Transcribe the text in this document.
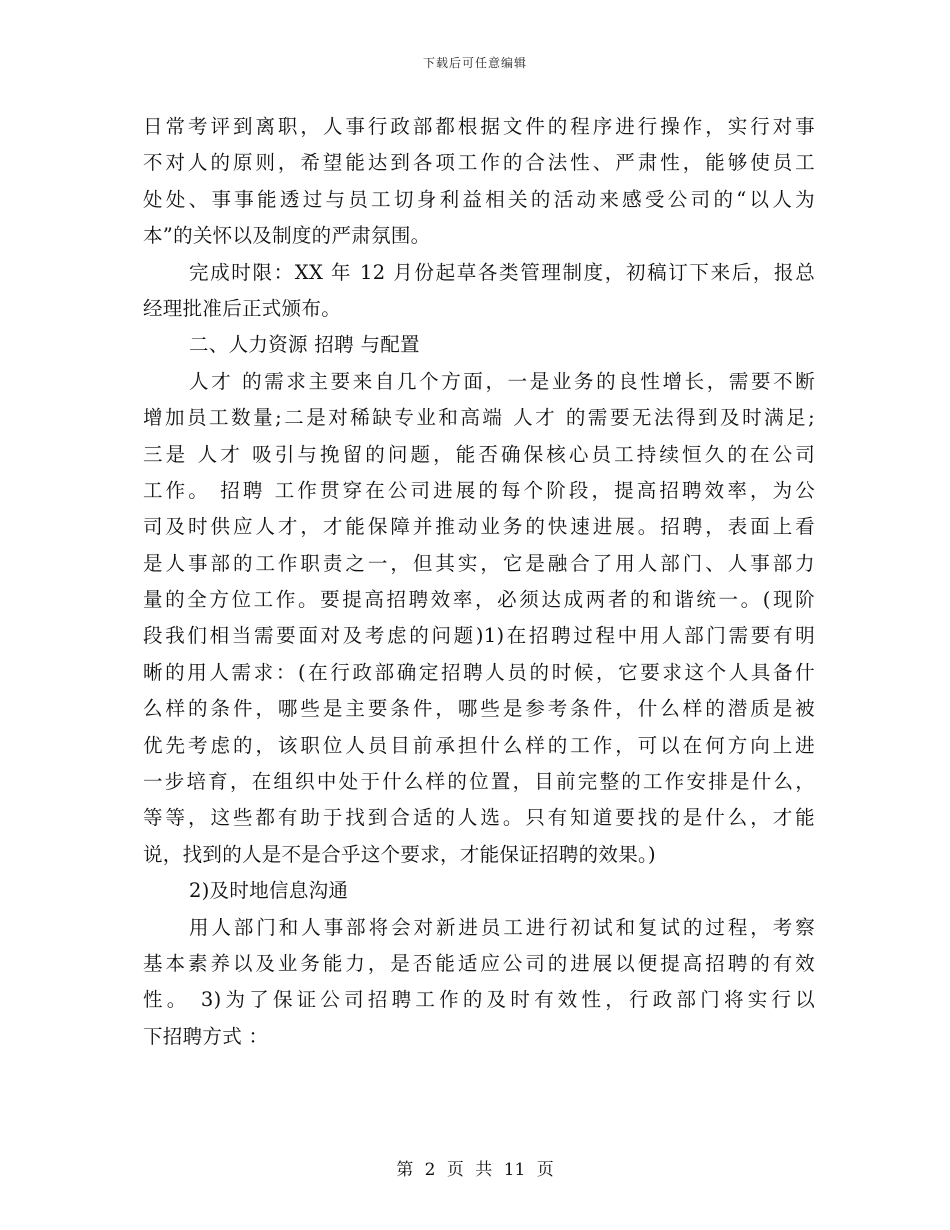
下载后可任意编辑
日常考评到离职，人事行政部都根据文件的程序进行操作，实行对事
不对人的原则，希望能达到各项工作的合法性、严肃性，能够使员工
处处、事事能透过与员工切身利益相关的活动来感受公司的“以人为
本”的关怀以及制度的严肃氛围。
完成时限：XX 年 12 月份起草各类管理制度，初稿订下来后，报总
经理批准后正式颁布。
二、人力资源 招聘 与配置
人才 的需求主要来自几个方面，一是业务的良性增长，需要不断
增加员工数量;二是对稀缺专业和高端 人才 的需要无法得到及时满足;
三是 人才 吸引与挽留的问题，能否确保核心员工持续恒久的在公司
工作。 招聘 工作贯穿在公司进展的每个阶段，提高招聘效率，为公
司及时供应人才，才能保障并推动业务的快速进展。招聘，表面上看
是人事部的工作职责之一，但其实，它是融合了用人部门、人事部力
量的全方位工作。要提高招聘效率，必须达成两者的和谐统一。(现阶
段我们相当需要面对及考虑的问题)1)在招聘过程中用人部门需要有明
晰的用人需求：(在行政部确定招聘人员的时候，它要求这个人具备什
么样的条件，哪些是主要条件，哪些是参考条件，什么样的潜质是被
优先考虑的，该职位人员目前承担什么样的工作，可以在何方向上进
一步培育，在组织中处于什么样的位置，目前完整的工作安排是什么，
等等，这些都有助于找到合适的人选。只有知道要找的是什么，才能
说，找到的人是不是合乎这个要求，才能保证招聘的效果。)
2)及时地信息沟通
用人部门和人事部将会对新进员工进行初试和复试的过程，考察
基本素养以及业务能力，是否能适应公司的进展以便提高招聘的有效
性。 3)为了保证公司招聘工作的及时有效性，行政部门将实行以
下招聘方式 ：
第 2 页 共 11 页
